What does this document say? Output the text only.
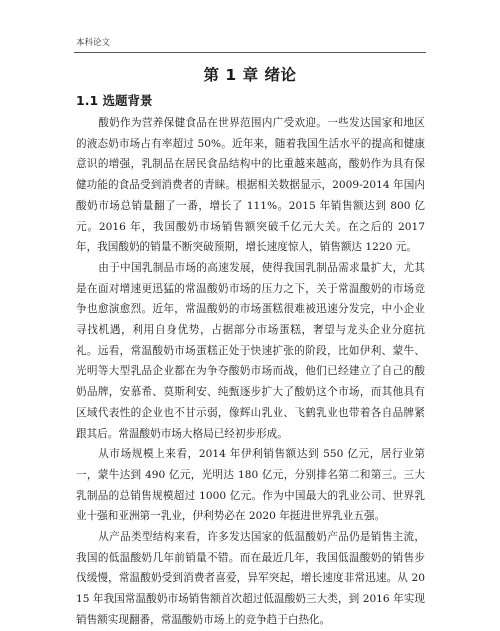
本科论文
第 1 章 绪论
1.1 选题背景

酸奶作为营养保健食品在世界范围内广受欢迎。一些发达国家和地区的液态奶市场占有率超过 50%。近年来，随着我国生活水平的提高和健康意识的增强，乳制品在居民食品结构中的比重越来越高，酸奶作为具有保健功能的食品受到消费者的青睐。根据相关数据显示，2009-2014 年国内酸奶市场总销量翻了一番，增长了 111%。2015 年销售额达到 800 亿元。2016 年，我国酸奶市场销售额突破千亿元大关。在之后的 2017 年，我国酸奶的销量不断突破预期，增长速度惊人，销售额达 1220 元。

由于中国乳制品市场的高速发展，使得我国乳制品需求量扩大，尤其是在面对增速更迅猛的常温酸奶市场的压力之下，关于常温酸奶的市场竞争也愈演愈烈。近年，常温酸奶的市场蛋糕很难被迅速分发完，中小企业寻找机遇，利用自身优势，占据部分市场蛋糕，奢望与龙头企业分庭抗礼。远看，常温酸奶市场蛋糕正处于快速扩张的阶段，比如伊利、蒙牛、光明等大型乳品企业都在为争夺酸奶市场而战，他们已经建立了自己的酸奶品牌，安慕希、莫斯利安、纯甄逐步扩大了酸奶这个市场，而其他具有区域代表性的企业也不甘示弱，像辉山乳业、飞鹤乳业也带着各自品牌紧跟其后。常温酸奶市场大格局已经初步形成。

从市场规模上来看，2014 年伊利销售额达到 550 亿元，居行业第一，蒙牛达到 490 亿元，光明达 180 亿元，分别排名第二和第三。三大乳制品的总销售规模超过 1000 亿元。作为中国最大的乳业公司、世界乳业十强和亚洲第一乳业，伊利势必在 2020 年挺进世界乳业五强。

从产品类型结构来看，许多发达国家的低温酸奶产品仍是销售主流，我国的低温酸奶几年前销量不错。而在最近几年，我国低温酸奶的销售步伐缓慢，常温酸奶受到消费者喜爱，异军突起，增长速度非常迅速。从 2015 年我国常温酸奶市场销售额首次超过低温酸奶三大类，到 2016 年实现销售额实现翻番，常温酸奶市场上的竞争趋于白热化。
